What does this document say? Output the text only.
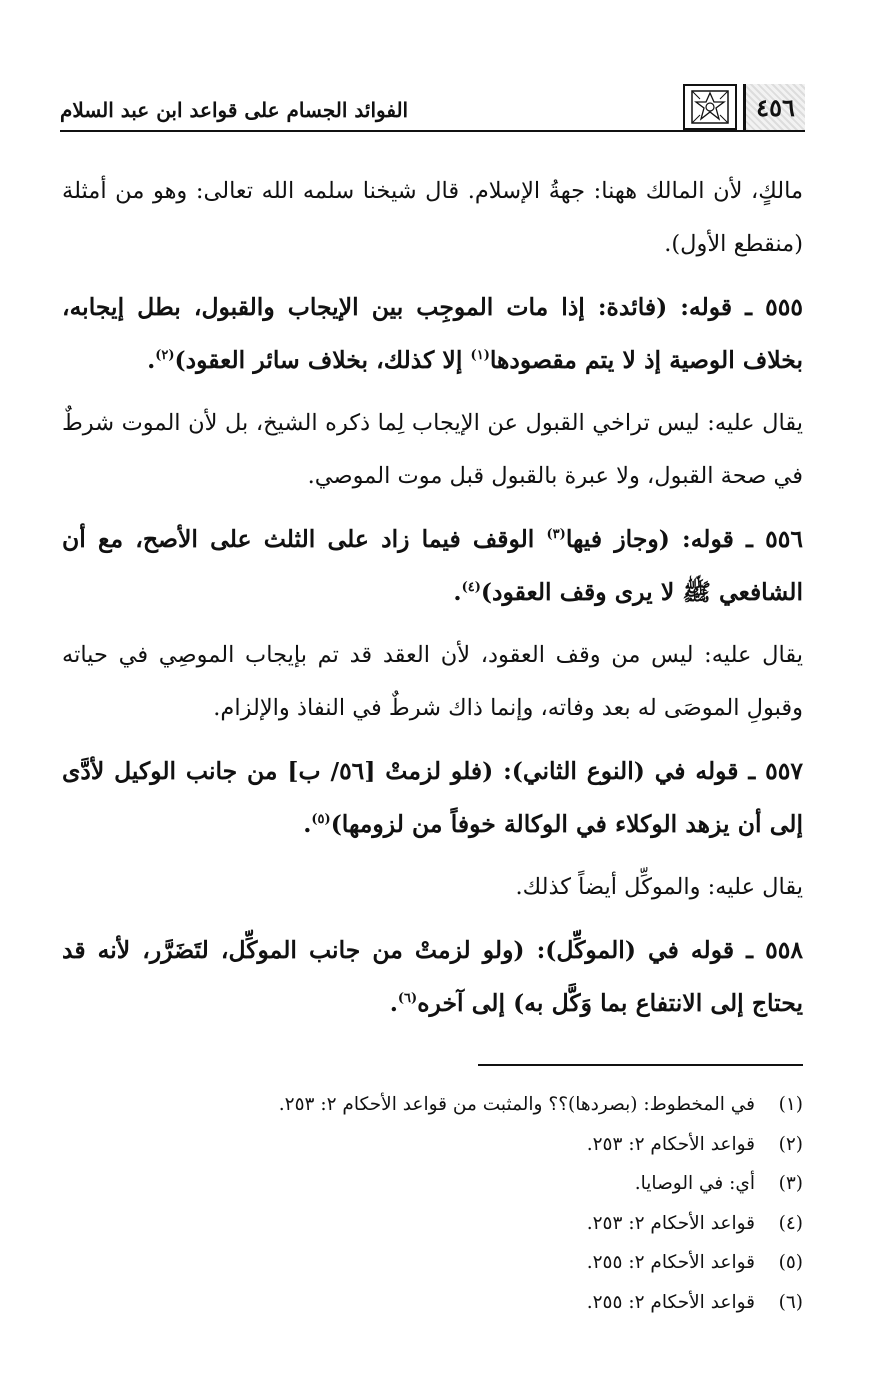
الفوائد الجسام على قواعد ابن عبد السلام	٤٥٦

مالكٍ، لأن المالك ههنا: جهةُ الإسلام. قال شيخنا سلمه الله تعالى: وهو من أمثلة (منقطع الأول).

٥٥٥ ـ قوله: (فائدة: إذا مات الموجِب بين الإيجاب والقبول، بطل إيجابه، بخلاف الوصية إذ لا يتم مقصودها$^{(١)}$ إلا كذلك، بخلاف سائر العقود)$^{(٢)}$.

يقال عليه: ليس تراخي القبول عن الإيجاب لِما ذكره الشيخ، بل لأن الموت شرطٌ في صحة القبول، ولا عبرة بالقبول قبل موت الموصي.

٥٥٦ ـ قوله: (وجاز فيها$^{(٣)}$ الوقف فيما زاد على الثلث على الأصح، مع أن الشافعي ﷺ لا يرى وقف العقود)$^{(٤)}$.

يقال عليه: ليس من وقف العقود، لأن العقد قد تم بإيجاب الموصِي في حياته وقبولِ الموصَى له بعد وفاته، وإنما ذاك شرطٌ في النفاذ والإلزام.

٥٥٧ ـ قوله في (النوع الثاني): (فلو لزمتْ [٥٦/ ب] من جانب الوكيل لأدَّى إلى أن يزهد الوكلاء في الوكالة خوفاً من لزومها)$^{(٥)}$.

يقال عليه: والموكِّل أيضاً كذلك.

٥٥٨ ـ قوله في (الموكِّل): (ولو لزمتْ من جانب الموكِّل، لتَضَرَّر، لأنه قد يحتاج إلى الانتفاع بما وَكَّل به) إلى آخره$^{(٦)}$.

(١)
في المخطوط: (بصردها)؟؟ والمثبت من قواعد الأحكام ٢: ٢٥٣.
(٢)
قواعد الأحكام ٢: ٢٥٣.
(٣)
أي: في الوصايا.
(٤)
قواعد الأحكام ٢: ٢٥٣.
(٥)
قواعد الأحكام ٢: ٢٥٥.
(٦)
قواعد الأحكام ٢: ٢٥٥.
